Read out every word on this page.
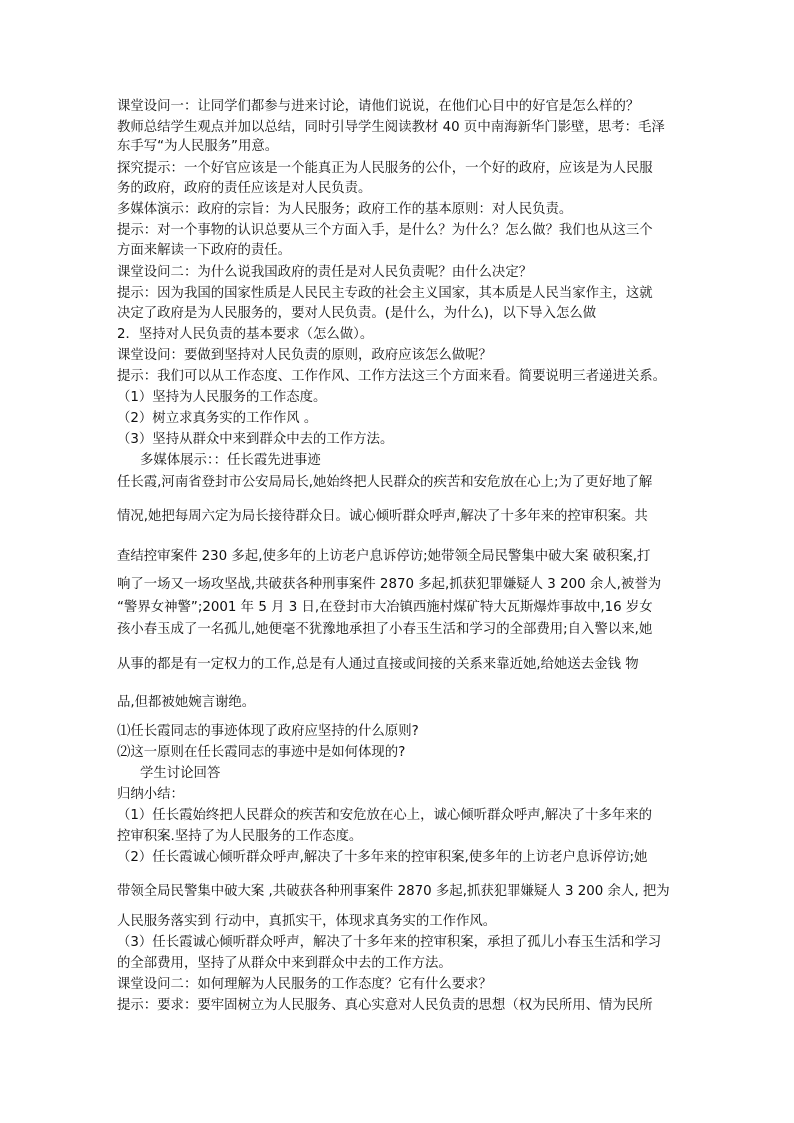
课堂设问一：让同学们都参与进来讨论，请他们说说，在他们心目中的好官是怎么样的？
教师总结学生观点并加以总结，同时引导学生阅读教材 40 页中南海新华门影壁，思考：毛泽
东手写“为人民服务”用意。
探究提示：一个好官应该是一个能真正为人民服务的公仆，一个好的政府，应该是为人民服
务的政府，政府的责任应该是对人民负责。
多媒体演示：政府的宗旨：为人民服务；政府工作的基本原则：对人民负责。
提示：对一个事物的认识总要从三个方面入手，是什么？为什么？怎么做？我们也从这三个
方面来解读一下政府的责任。
课堂设问二：为什么说我国政府的责任是对人民负责呢？由什么决定？
提示：因为我国的国家性质是人民民主专政的社会主义国家，其本质是人民当家作主，这就
决定了政府是为人民服务的，要对人民负责。(是什么，为什么)，以下导入怎么做
2．坚持对人民负责的基本要求（怎么做）。
课堂设问：要做到坚持对人民负责的原则，政府应该怎么做呢？
提示：我们可以从工作态度、工作作风、工作方法这三个方面来看。简要说明三者递进关系。
（1）坚持为人民服务的工作态度。
（2）树立求真务实的工作作风 。
（3）坚持从群众中来到群众中去的工作方法。
多媒体展示：：任长霞先进事迹
任长霞,河南省登封市公安局局长,她始终把人民群众的疾苦和安危放在心上;为了更好地了解
情况,她把每周六定为局长接待群众日。诚心倾听群众呼声,解决了十多年来的控审积案。共
查结控审案件 230 多起,使多年的上访老户息诉停访;她带领全局民警集中破大案 破积案,打
响了一场又一场攻坚战,共破获各种刑事案件 2870 多起,抓获犯罪嫌疑人 3 200 余人,被誉为
“警界女神警”;2001 年 5 月 3 日,在登封市大冶镇西施村煤矿特大瓦斯爆炸事故中,16 岁女
孩小春玉成了一名孤儿,她便毫不犹豫地承担了小春玉生活和学习的全部费用;自入警以来,她
从事的都是有一定权力的工作,总是有人通过直接或间接的关系来靠近她,给她送去金钱 物
品,但都被她婉言谢绝。
⑴任长霞同志的事迹体现了政府应坚持的什么原则?
⑵这一原则在任长霞同志的事迹中是如何体现的?
学生讨论回答
归纳小结：
（1）任长霞始终把人民群众的疾苦和安危放在心上，诚心倾听群众呼声,解决了十多年来的
控审积案.坚持了为人民服务的工作态度。
（2）任长霞诚心倾听群众呼声,解决了十多年来的控审积案,使多年的上访老户息诉停访;她
带领全局民警集中破大案 ,共破获各种刑事案件 2870 多起,抓获犯罪嫌疑人 3 200 余人, 把为
人民服务落实到 行动中，真抓实干，体现求真务实的工作作风。
（3）任长霞诚心倾听群众呼声，解决了十多年来的控审积案，承担了孤儿小春玉生活和学习
的全部费用，坚持了从群众中来到群众中去的工作方法。
课堂设问二：如何理解为人民服务的工作态度？它有什么要求？
提示：要求：要牢固树立为人民服务、真心实意对人民负责的思想（权为民所用、情为民所
